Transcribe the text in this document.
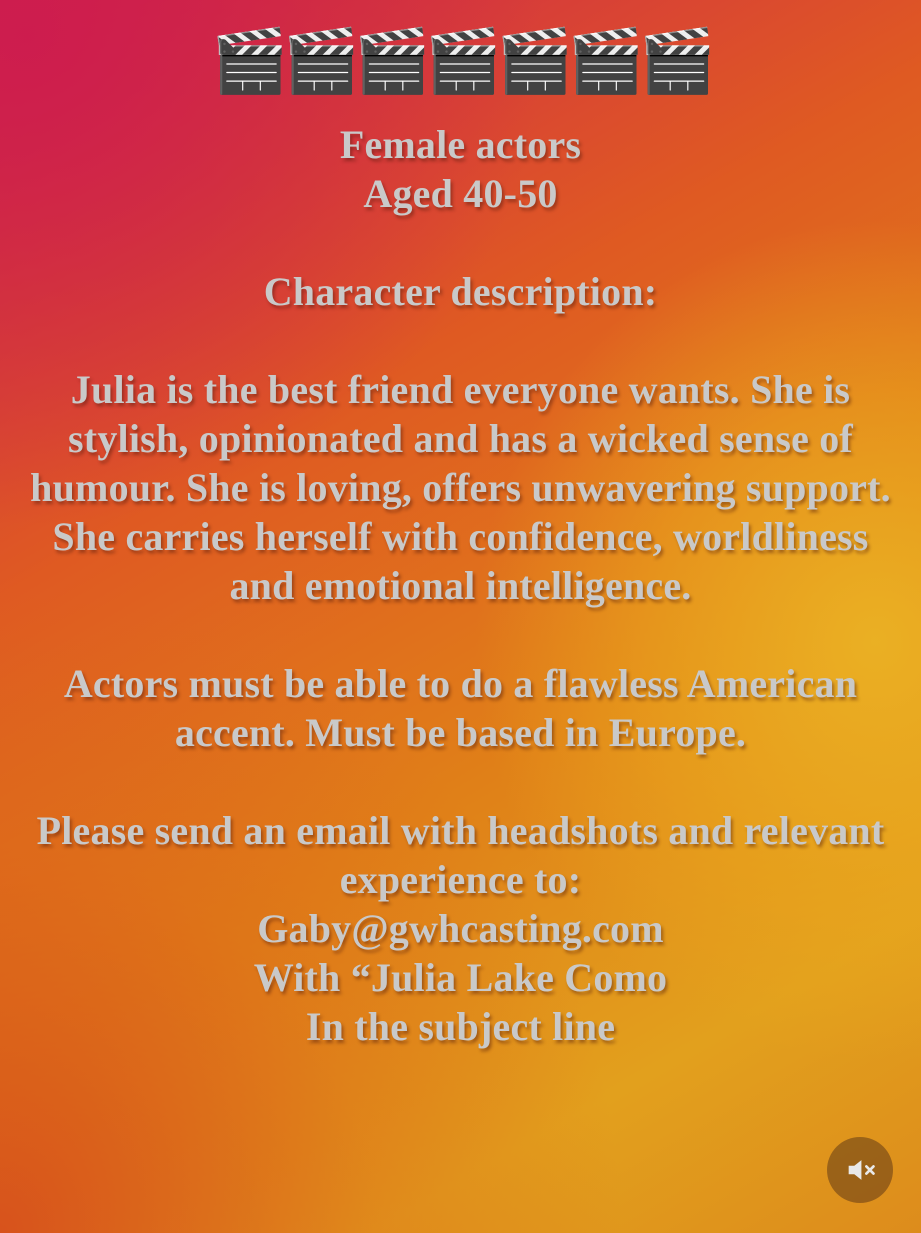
🎬 🎬 🎬 🎬 🎬 🎬 🎬

Female actors

Aged 40-50

Character description:

Julia is the best friend everyone wants. She is stylish, opinionated and has a wicked sense of humour. She is loving, offers unwavering support. She carries herself with confidence, worldliness and emotional intelligence.

Actors must be able to do a flawless American accent. Must be based in Europe.

Please send an email with headshots and relevant experience to:

Gaby@gwhcasting.com

With “Julia Lake Como

In the subject line
